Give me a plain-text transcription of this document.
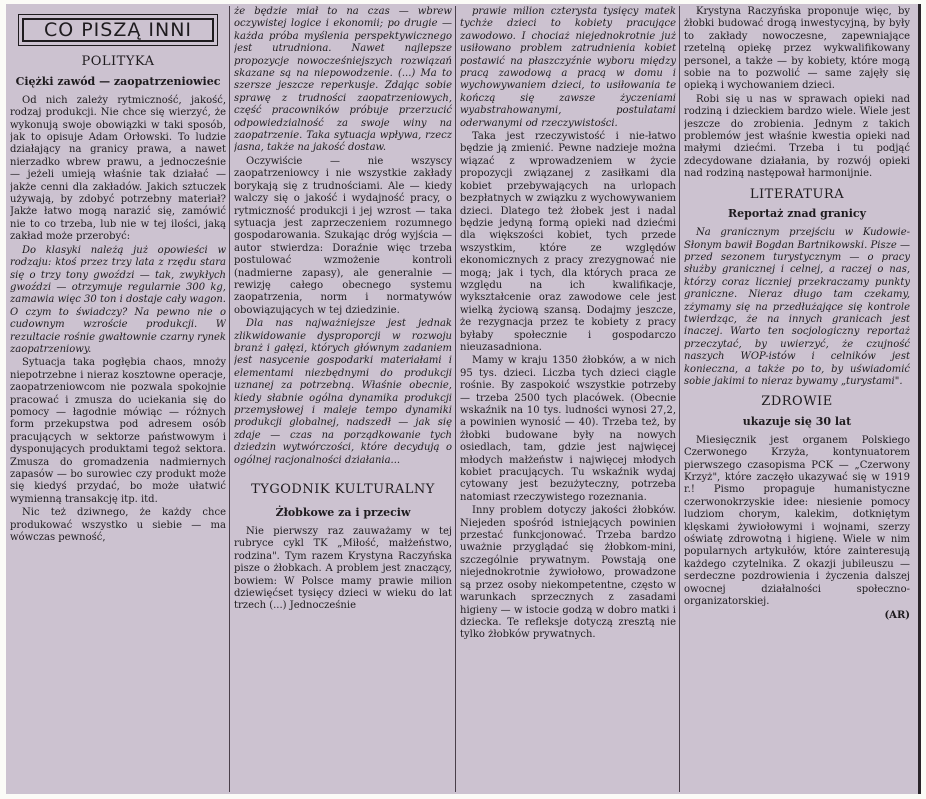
CO PISZĄ INNI
POLITYKA
Ciężki zawód — zaopatrzeniowiec

Od nich zależy rytmiczność, jakość, rodzaj produkcji. Nie chce się wierzyć, że wykonują swoje obowiązki w taki sposób, jak to opisuje Adam Orłowski. To ludzie działający na granicy prawa, a nawet nierzadko wbrew prawu, a jednocześnie — jeżeli umieją właśnie tak działać — jakże cenni dla zakładów. Jakich sztuczek używają, by zdobyć potrzebny materiał? Jakże łatwo mogą narazić się, zamówić nie to co trzeba, lub nie w tej ilości, jaką zakład może przerobyć:

Do klasyki należą już opowieści w rodzaju: ktoś przez trzy lata z rzędu stara się o trzy tony gwoździ — tak, zwykłych gwoździ — otrzymuje regularnie 300 kg, zamawia więc 30 ton i dostaje cały wagon. O czym to świadczy? Na pewno nie o cudownym wzroście produkcji. W rezultacie rośnie gwałtownie czarny rynek zaopatrzeniowy.

Sytuacja taka pogłębia chaos, mnoży niepotrzebne i nieraz kosztowne operacje, zaopatrzeniowcom nie pozwala spokojnie pracować i zmusza do uciekania się do pomocy — łagodnie mówiąc — różnych form przekupstwa pod adresem osób pracujących w sektorze państwowym i dysponujących produktami tegoż sektora. Zmusza do gromadzenia nadmiernych zapasów — bo surowiec czy produkt może się kiedyś przydać, bo może ułatwić wymienną transakcję itp. itd.

Nic też dziwnego, że każdy chce produkować wszystko u siebie — ma wówczas pewność,

że będzie miał to na czas — wbrew oczywistej logice i ekonomii; po drugie — każda próba myślenia perspektywicznego jest utrudniona. Nawet najlepsze propozycje nowocześniejszych rozwiązań skazane są na niepowodzenie. (...) Ma to szersze jeszcze reperkusje. Zdając sobie sprawę z trudności zaopatrzeniowych, część pracowników próbuje przerzucić odpowiedzialność za swoje winy na zaopatrzenie. Taka sytuacja wpływa, rzecz jasna, także na jakość dostaw.

Oczywiście — nie wszyscy zaopatrzeniowcy i nie wszystkie zakłady borykają się z trudnościami. Ale — kiedy walczy się o jakość i wydajność pracy, o rytmiczność produkcji i jej wzrost — taka sytuacja jest zaprzeczeniem rozumnego gospodarowania. Szukając dróg wyjścia — autor stwierdza: Doraźnie więc trzeba postulować wzmożenie kontroli (nadmierne zapasy), ale generalnie — rewizję całego obecnego systemu zaopatrzenia, norm i normatywów obowiązujących w tej dziedzinie.

Dla nas najważniejsze jest jednak zlikwidowanie dysproporcji w rozwoju branż i gałęzi, których głównym zadaniem jest nasycenie gospodarki materiałami i elementami niezbędnymi do produkcji uznanej za potrzebną. Właśnie obecnie, kiedy słabnie ogólna dynamika produkcji przemysłowej i maleje tempo dynamiki produkcji globalnej, nadszedł — jak się zdaje — czas na porządkowanie tych dziedzin wytwórczości, które decydują o ogólnej racjonalności działania...

TYGODNIK KULTURALNY
Żłobkowe za i przeciw

Nie pierwszy raz zauważamy w tej rubryce cykl TK „Miłość, małżeństwo, rodzina". Tym razem Krystyna Raczyńska pisze o żłobkach. A problem jest znaczący, bowiem: W Polsce mamy prawie milion dziewięćset tysięcy dzieci w wieku do lat trzech (...) Jednocześnie

prawie milion czterysta tysięcy matek tychże dzieci to kobiety pracujące zawodowo. I chociaż niejednokrotnie już usiłowano problem zatrudnienia kobiet postawić na płaszczyźnie wyboru między pracą zawodową a pracą w domu i wychowywaniem dzieci, to usiłowania te kończą się zawsze życzeniami wyabstrahowanymi, postulatami oderwanymi od rzeczywistości.

Taka jest rzeczywistość i nie-łatwo będzie ją zmienić. Pewne nadzieje można wiązać z wprowadzeniem w życie propozycji związanej z zasiłkami dla kobiet przebywających na urlopach bezpłatnych w związku z wychowywaniem dzieci. Dlatego też żłobek jest i nadal będzie jedyną formą opieki nad dziećmi dla większości kobiet, tych przede wszystkim, które ze względów ekonomicznych z pracy zrezygnować nie mogą; jak i tych, dla których praca ze względu na ich kwalifikacje, wykształcenie oraz zawodowe cele jest wielką życiową szansą. Dodajmy jeszcze, że rezygnacja przez te kobiety z pracy byłaby społecznie i gospodarczo nieuzasadniona.

Mamy w kraju 1350 żłobków, a w nich 95 tys. dzieci. Liczba tych dzieci ciągle rośnie. By zaspokoić wszystkie potrzeby — trzeba 2500 tych placówek. (Obecnie wskaźnik na 10 tys. ludności wynosi 27,2, a powinien wynosić — 40). Trzeba też, by żłobki budowane były na nowych osiedlach, tam, gdzie jest najwięcej młodych małżeństw i najwięcej młodych kobiet pracujących. Tu wskaźnik wydaj cytowany jest bezużyteczny, potrzeba natomiast rzeczywistego rozeznania.

Inny problem dotyczy jakości żłobków. Niejeden spośród istniejących powinien przestać funkcjonować. Trzeba bardzo uważnie przyglądać się żłobkom-mini, szczególnie prywatnym. Powstają one niejednokrotnie żywiołowo, prowadzone są przez osoby niekompetentne, często w warunkach sprzecznych z zasadami higieny — w istocie godzą w dobro matki i dziecka. Te refleksje dotyczą zresztą nie tylko żłobków prywatnych.

Krystyna Raczyńska proponuje więc, by żłobki budować drogą inwestycyjną, by były to zakłady nowoczesne, zapewniające rzetelną opiekę przez wykwalifikowany personel, a także — by kobiety, które mogą sobie na to pozwolić — same zajęły się opieką i wychowaniem dzieci.

Robi się u nas w sprawach opieki nad rodziną i dzieckiem bardzo wiele. Wiele jest jeszcze do zrobienia. Jednym z takich problemów jest właśnie kwestia opieki nad małymi dziećmi. Trzeba i tu podjąć zdecydowane działania, by rozwój opieki nad rodziną następował harmonijnie.

LITERATURA
Reportaż znad granicy

Na granicznym przejściu w Kudowie-Słonym bawił Bogdan Bartnikowski. Pisze — przed sezonem turystycznym — o pracy służby granicznej i celnej, a raczej o nas, którzy coraz liczniej przekraczamy punkty graniczne. Nieraz długo tam czekamy, zżymamy się na przedłużające się kontrole twierdząc, że na innych granicach jest inaczej. Warto ten socjologiczny reportaż przeczytać, by uwierzyć, że czujność naszych WOP-istów i celników jest konieczna, a także po to, by uświadomić sobie jakimi to nieraz bywamy „turystami".

ZDROWIE
ukazuje się 30 lat

Miesięcznik jest organem Polskiego Czerwonego Krzyża, kontynuatorem pierwszego czasopisma PCK — „Czerwony Krzyż", które zaczęło ukazywać się w 1919 r.! Pismo propaguje humanistyczne czerwonokrzyskie idee: niesienie pomocy ludziom chorym, kalekim, dotkniętym klęskami żywiołowymi i wojnami, szerzy oświatę zdrowotną i higienę. Wiele w nim popularnych artykułów, które zainteresują każdego czytelnika. Z okazji jubileuszu — serdeczne pozdrowienia i życzenia dalszej owocnej działalności społeczno-organizatorskiej.

(AR)
